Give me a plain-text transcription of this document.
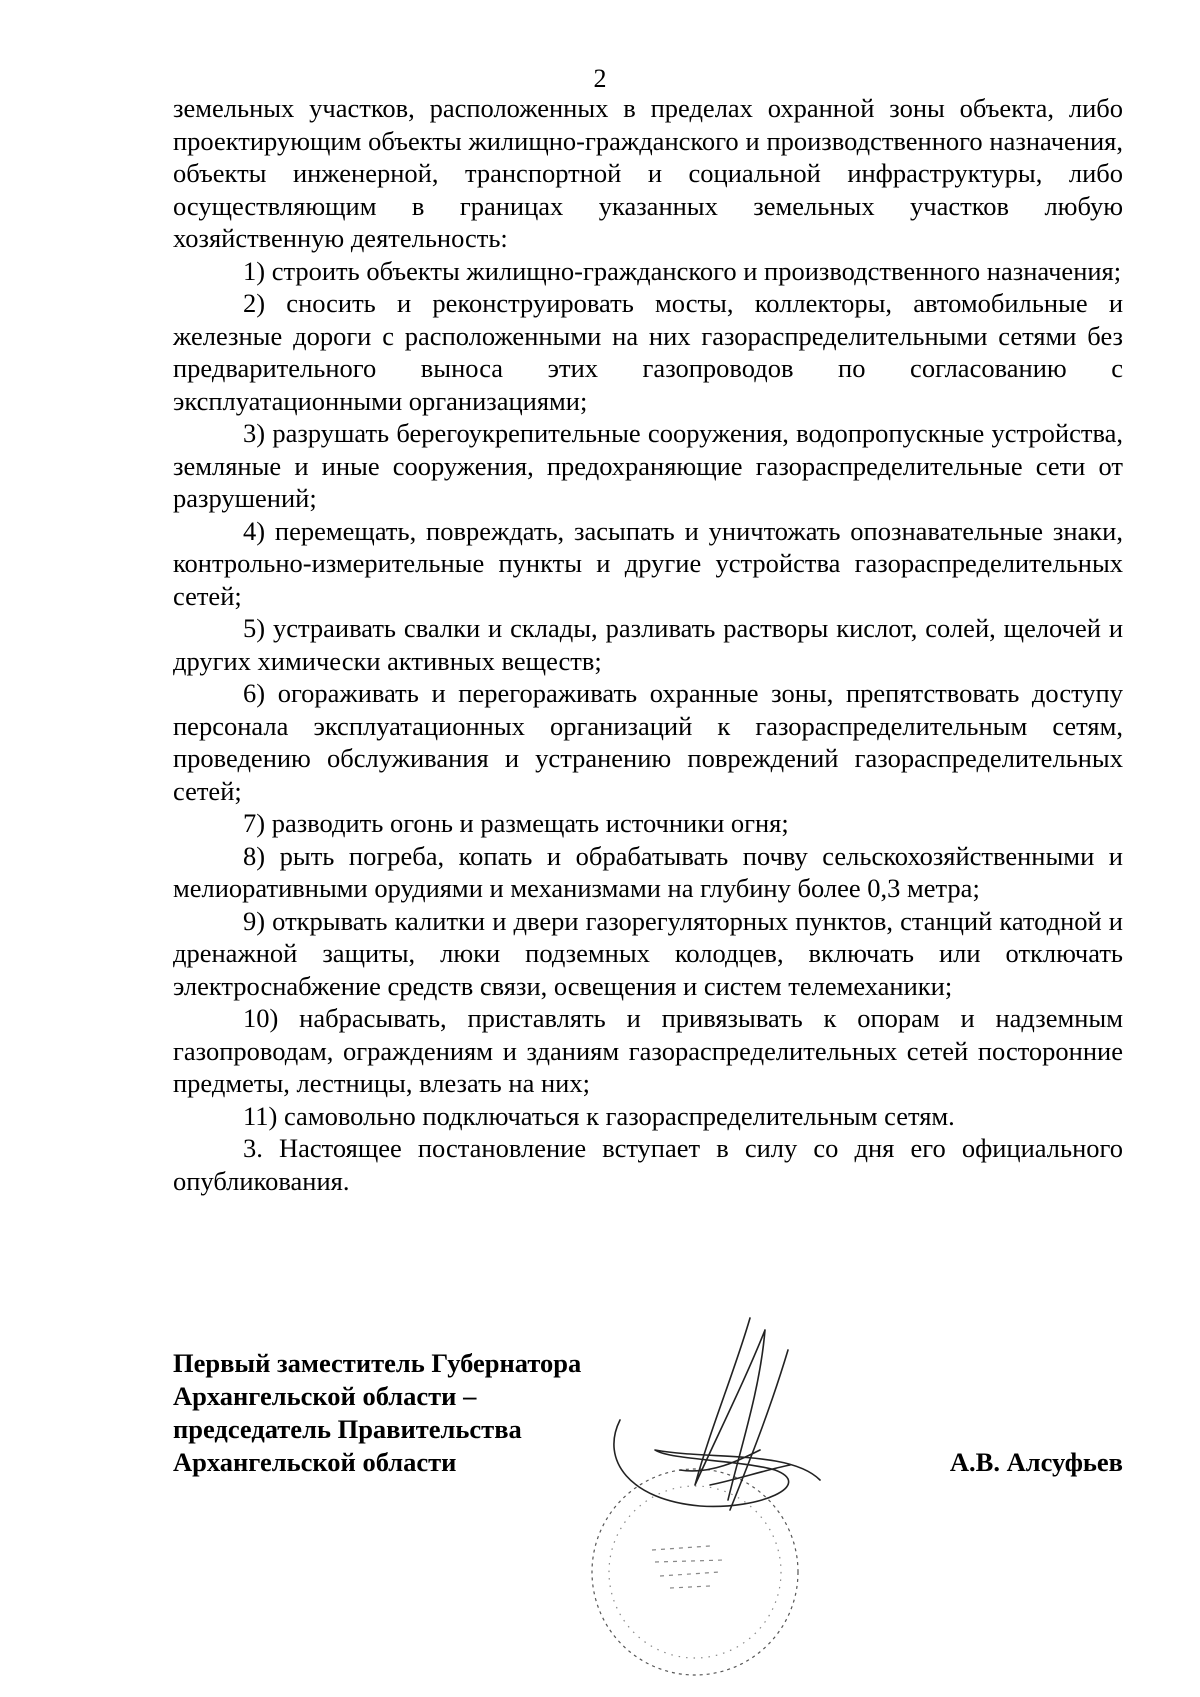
2

земельных участков, расположенных в пределах охранной зоны объекта, либо проектирующим объекты жилищно-гражданского и производственного назначения, объекты инженерной, транспортной и социальной инфраструктуры, либо осуществляющим в границах указанных земельных участков любую хозяйственную деятельность:

1) строить объекты жилищно-гражданского и производственного назначения;

2) сносить и реконструировать мосты, коллекторы, автомобильные и железные дороги с расположенными на них газораспределительными сетями без предварительного выноса этих газопроводов по согласованию с эксплуатационными организациями;

3) разрушать берегоукрепительные сооружения, водопропускные устройства, земляные и иные сооружения, предохраняющие газораспределительные сети от разрушений;

4) перемещать, повреждать, засыпать и уничтожать опознавательные знаки, контрольно-измерительные пункты и другие устройства газораспределительных сетей;

5) устраивать свалки и склады, разливать растворы кислот, солей, щелочей и других химически активных веществ;

6) огораживать и перегораживать охранные зоны, препятствовать доступу персонала эксплуатационных организаций к газораспределительным сетям, проведению обслуживания и устранению повреждений газораспределительных сетей;

7) разводить огонь и размещать источники огня;

8) рыть погреба, копать и обрабатывать почву сельскохозяйственными и мелиоративными орудиями и механизмами на глубину более 0,3 метра;

9) открывать калитки и двери газорегуляторных пунктов, станций катодной и дренажной защиты, люки подземных колодцев, включать или отключать электроснабжение средств связи, освещения и систем телемеханики;

10) набрасывать, приставлять и привязывать к опорам и надземным газопроводам, ограждениям и зданиям газораспределительных сетей посторонние предметы, лестницы, влезать на них;

11) самовольно подключаться к газораспределительным сетям.

3. Настоящее постановление вступает в силу со дня его официального опубликования.

Первый заместитель Губернатора
Архангельской области –
председатель Правительства
Архангельской области	А.В. Алсуфьев
